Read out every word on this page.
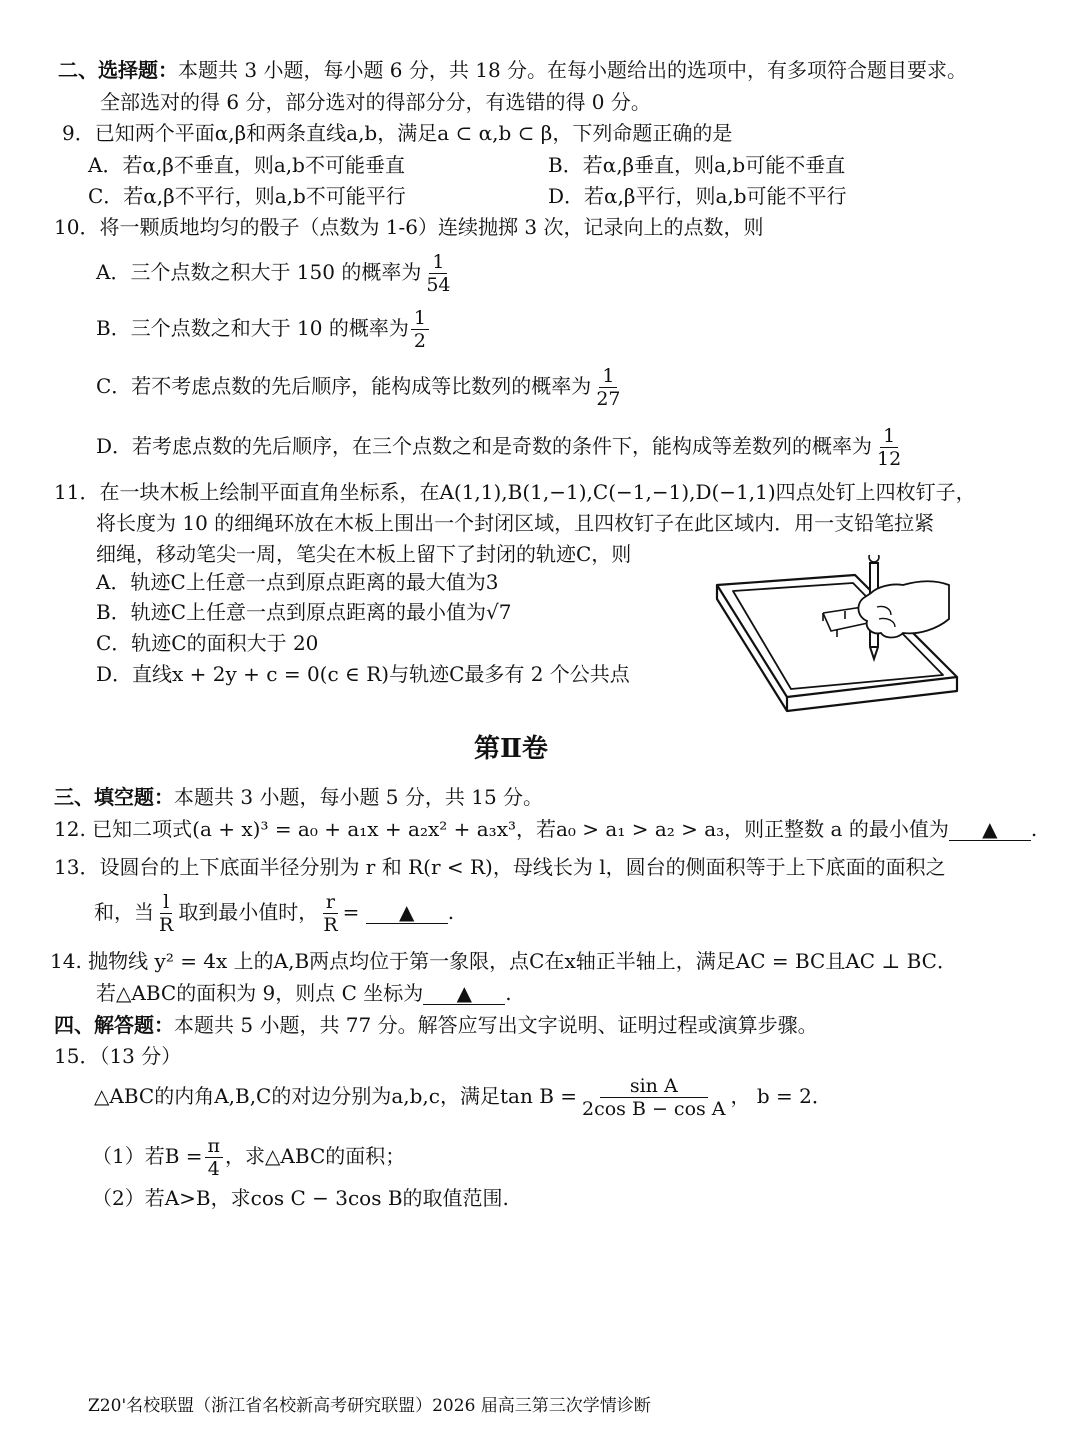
二、选择题：本题共 3 小题，每小题 6 分，共 18 分。在每小题给出的选项中，有多项符合题目要求。
全部选对的得 6 分，部分选对的得部分分，有选错的得 0 分。
9．已知两个平面α,β和两条直线a,b，满足a ⊂ α,b ⊂ β，下列命题正确的是
A．若α,β不垂直，则a,b不可能垂直	B．若α,β垂直，则a,b可能不垂直
C．若α,β不平行，则a,b不可能平行	D．若α,β平行，则a,b可能不平行
10．将一颗质地均匀的骰子（点数为 1-6）连续抛掷 3 次，记录向上的点数，则
A．三个点数之积大于 150 的概率为 $\frac{1}{54}$
B．三个点数之和大于 10 的概率为 $\frac{1}{2}$
C．若不考虑点数的先后顺序，能构成等比数列的概率为 $\frac{1}{27}$
D．若考虑点数的先后顺序，在三个点数之和是奇数的条件下，能构成等差数列的概率为 $\frac{1}{12}$
11．在一块木板上绘制平面直角坐标系，在A(1,1),B(1,−1),C(−1,−1),D(−1,1)四点处钉上四枚钉子，
将长度为 10 的细绳环放在木板上围出一个封闭区域，且四枚钉子在此区域内．用一支铅笔拉紧
细绳，移动笔尖一周，笔尖在木板上留下了封闭的轨迹C，则
A．轨迹C上任意一点到原点距离的最大值为3
B．轨迹C上任意一点到原点距离的最小值为√7
C．轨迹C的面积大于 20
D．直线x + 2y + c = 0(c ∈ R)与轨迹C最多有 2 个公共点
第Ⅱ卷
三、填空题：本题共 3 小题，每小题 5 分，共 15 分。
12. 已知二项式(a + x)³ = a₀ + a₁x + a₂x² + a₃x³，若a₀ > a₁ > a₂ > a₃，则正整数 a 的最小值为 ▲ .
13．设圆台的上下底面半径分别为 r 和 R(r < R)，母线长为 l，圆台的侧面积等于上下底面的面积之
和，当 $\frac{l}{R}$ 取到最小值时， $\frac{r}{R}$ = ▲ .
14. 抛物线 y² = 4x 上的A,B两点均位于第一象限，点C在x轴正半轴上，满足AC = BC且AC ⊥ BC．
若△ABC的面积为 9，则点 C 坐标为 ▲ .
四、解答题：本题共 5 小题，共 77 分。解答应写出文字说明、证明过程或演算步骤。
15．（13 分）
△ABC的内角A,B,C的对边分别为a,b,c，满足$\tan B = \frac{\text{sin A}}{\text{2cos B − cos A}}$ ， b = 2．
（1）若$B = \frac{\pi}{4}$ ，求△ABC的面积；
（2）若A>B，求cos C − 3cos B的取值范围.
Z20'名校联盟（浙江省名校新高考研究联盟）2026 届高三第三次学情诊断
